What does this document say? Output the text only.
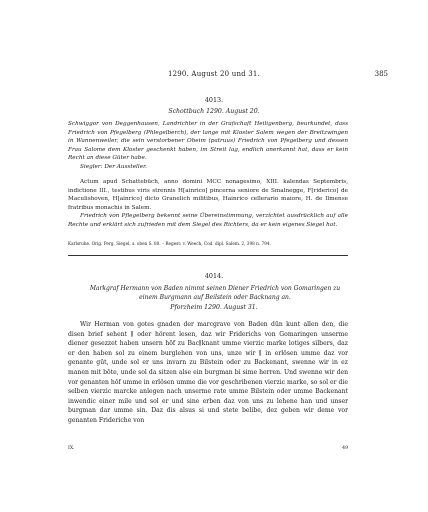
1290. August 20 und 31.	385
4013.
Schottbuch 1290. August 20.
Schwiggor von Deggenhausen, Landrichter in der Grafschaft Heiligenberg, beurkundet, dass Friedrich von Pfegelberg (Phlegelberch), der lange mit Kloster Salem wegen der Breitzwingen in Wannenweiler, die sein verstorbener Oheim (patruus) Friedrich von Pfegelberg und dessen Frau Salome dem Kloster geschenkt haben, im Streit lag, endlich anerkannt hat, dass er kein Recht an diese Güter habe.
Siegler: Der Aussteller.
Actum apud Schattebüch, anno domini MCC nonagesimo, XIII. kalendas Septembris, indictione III., testibus viris strennis H[ainrico] pincerna seniore de Smalnegge, F[riderico] de Maculishoven, H[ainrico] dicto Granelich militibus, Hainrico cellerario maiore, H. de Ilmense fratribus monachis in Salem.
Friedrich von Pflegelberg bekennt seine Übereinstimmung, verzichtet ausdrücklich auf alle Rechte und erklärt sich zufrieden mit dem Siegel des Richters, da er kein eigenes Siegel hat.
Karlsruhe. Orig. Perg. Siegel, s. oben S. 80. – Regest: v. Weech, Cod. dipl. Salem. 2, 398 n. 794.
4014.
Markgraf Hermann von Baden nimmt seinen Diener Friedrich von Gomaringen zu einem Burgmann auf Beilstein oder Backnang an.
Pforzheim 1290. August 31.
Wir Herman von gotes gnaden der marcgrave von Baden dūn kunt allen den, die disen brief sehent ∥ oder hörent lesen, daz wir Friderichs von Gomaringen unserme diener gesezzet haben unsern hōf zu Bac∥knant umme vierzic marke lotiges silbers, daz er den haben sol zu einem burglehen von uns, unze wir ∥ in erlösen umme daz vor genante gūt, unde sol er uns invarn zu Bilstein oder zu Backenant, swenne wir in ez manen mit bōte, unde sol da sitzen alse ein burgman bi sime herren. Und swenne wir den vor genanten hōf umme in erlösen umme die vor geschribenen vierzic marke, so sol er die selben vierzic marcke anlegen nach unserme rate umme Bilstein oder umme Backenant inwendic einer mile und sol er und sine erben daz von uns zu lehene han und unser burgman dar umme sin. Daz dis alsus si und stete belibe, dez geben wir deme vor genanten Frideriche von
IX.	49
